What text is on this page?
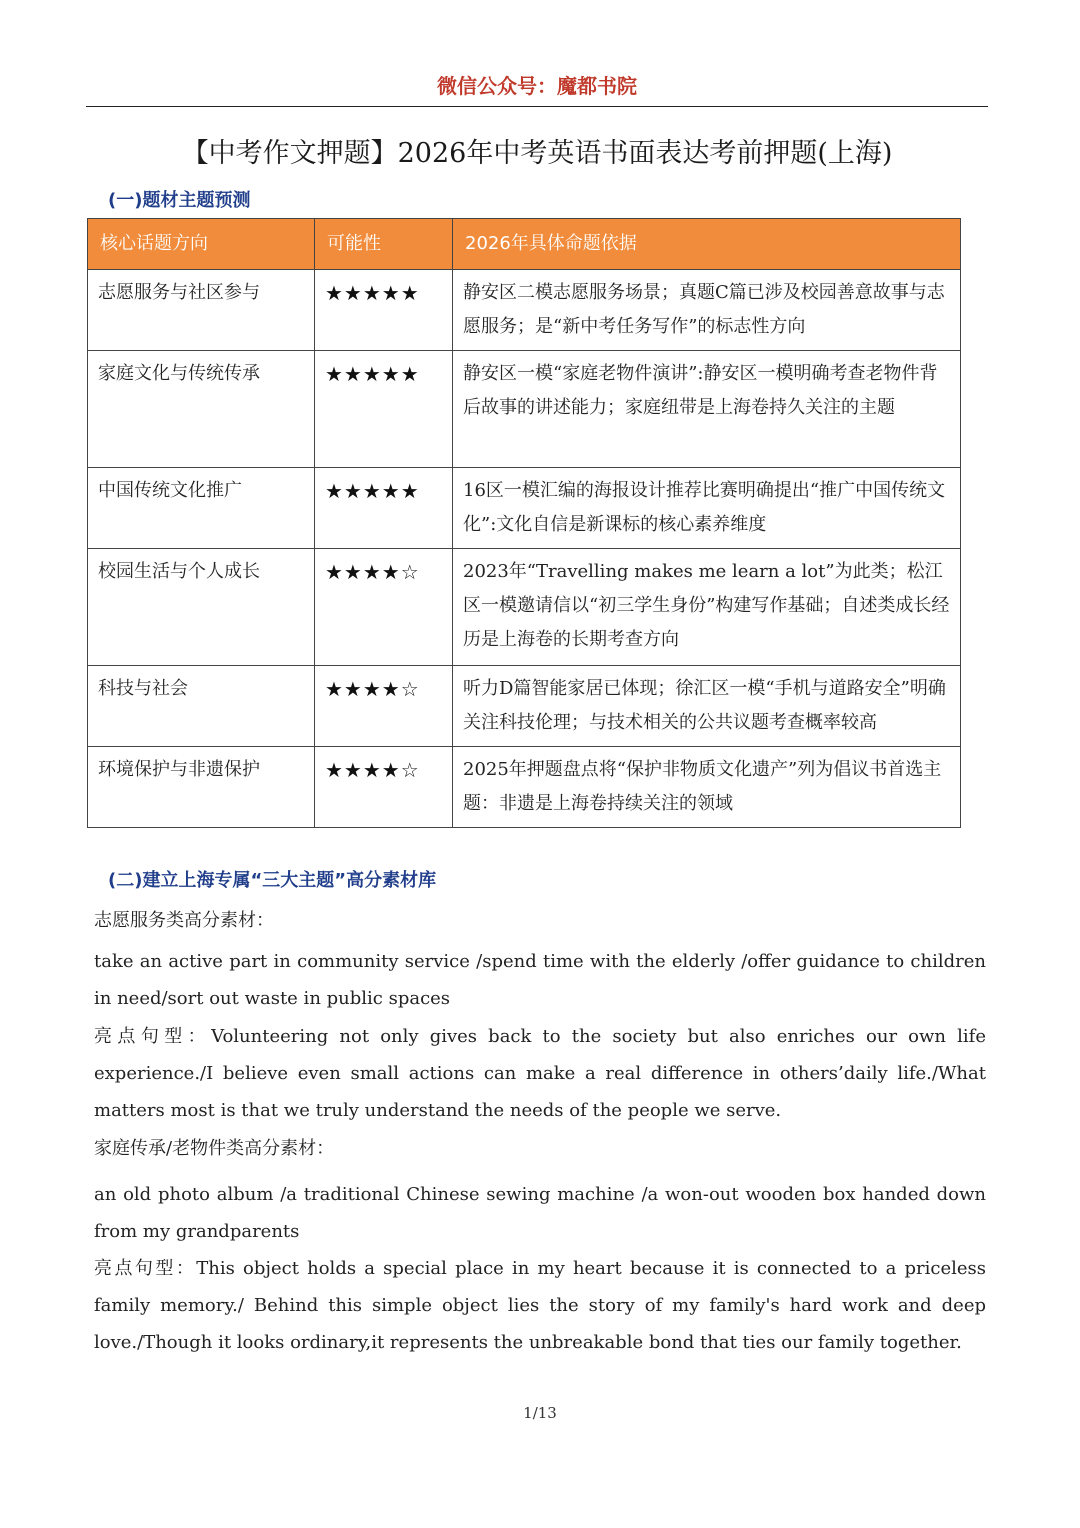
微信公众号：魔都书院
【中考作文押题】2026年中考英语书面表达考前押题(上海)
(一)题材主题预测
核心话题方向	可能性	2026年具体命题依据
志愿服务与社区参与	★★★★★	静安区二模志愿服务场景；真题C篇已涉及校园善意故事与志愿服务；是“新中考任务写作”的标志性方向
家庭文化与传统传承	★★★★★	静安区一模“家庭老物件演讲”:静安区一模明确考查老物件背后故事的讲述能力；家庭纽带是上海卷持久关注的主题
中国传统文化推广	★★★★★	16区一模汇编的海报设计推荐比赛明确提出“推广中国传统文化”:文化自信是新课标的核心素养维度
校园生活与个人成长	★★★★☆	2023年“Travelling makes me learn a lot”为此类；松江区一模邀请信以“初三学生身份”构建写作基础；自述类成长经历是上海卷的长期考查方向
科技与社会	★★★★☆	听力D篇智能家居已体现；徐汇区一模“手机与道路安全”明确关注科技伦理；与技术相关的公共议题考查概率较高
环境保护与非遗保护	★★★★☆	2025年押题盘点将“保护非物质文化遗产”列为倡议书首选主题：非遗是上海卷持续关注的领域
(二)建立上海专属“三大主题”高分素材库
志愿服务类高分素材：
take an active part in community service /spend time with the elderly /offer guidance to children in need/sort out waste in public spaces
亮点句型：Volunteering not only gives back to the society but also enriches our own life experience./I believe even small actions can make a real difference in others’daily life./What matters most is that we truly understand the needs of the people we serve.
家庭传承/老物件类高分素材：
an old photo album /a traditional Chinese sewing machine /a won-out wooden box handed down from my grandparents
亮点句型：This object holds a special place in my heart because it is connected to a priceless family memory./ Behind this simple object lies the story of my family's hard work and deep love./Though it looks ordinary,it represents the unbreakable bond that ties our family together.
1/13
